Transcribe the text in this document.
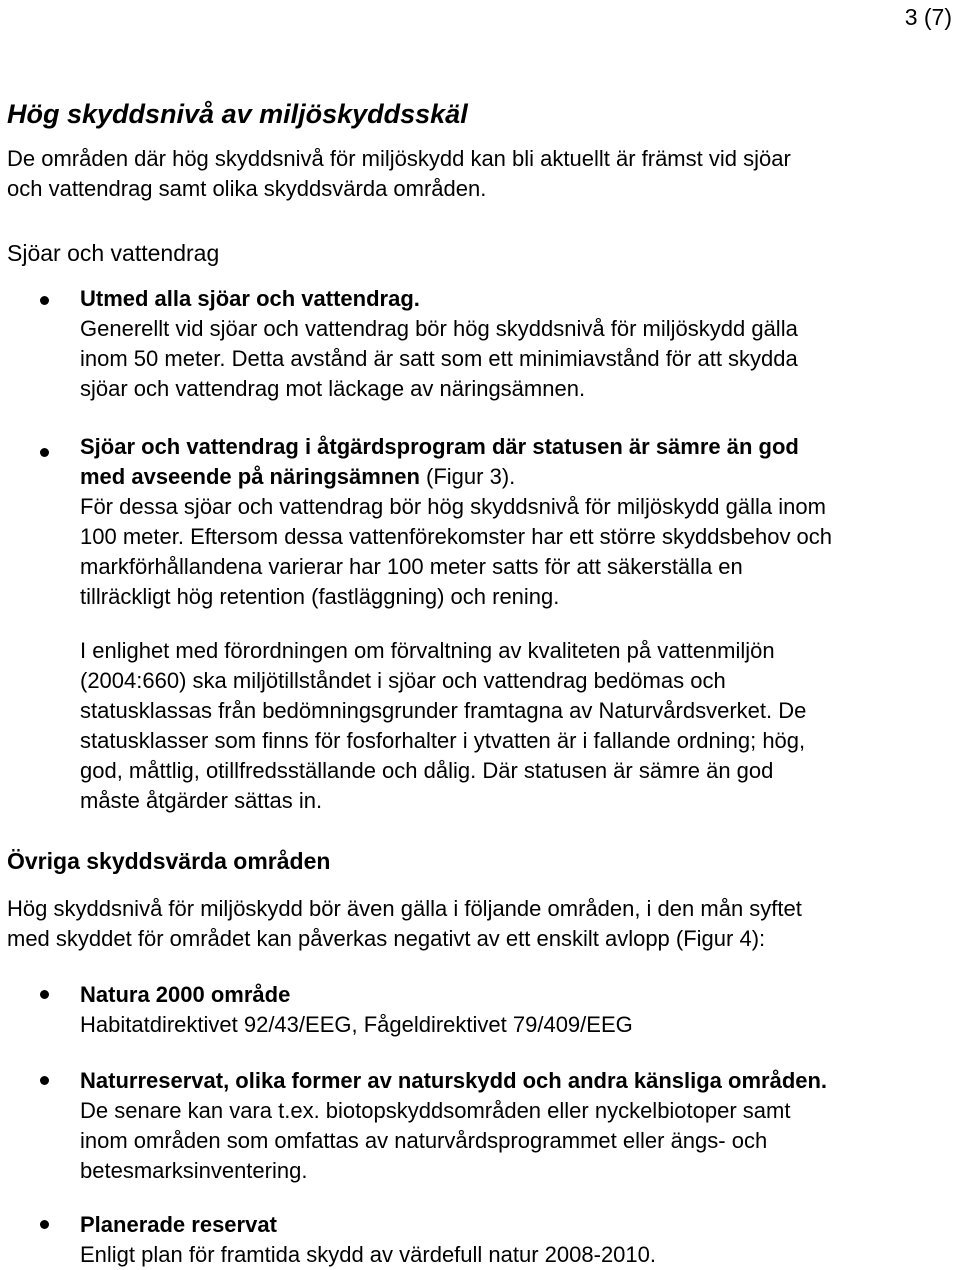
3 (7)
Hög skyddsnivå av miljöskyddsskäl
De områden där hög skyddsnivå för miljöskydd kan bli aktuellt är främst vid sjöar
och vattendrag samt olika skyddsvärda områden.
Sjöar och vattendrag
Utmed alla sjöar och vattendrag.
Generellt vid sjöar och vattendrag bör hög skyddsnivå för miljöskydd gälla
inom 50 meter. Detta avstånd är satt som ett minimiavstånd för att skydda
sjöar och vattendrag mot läckage av näringsämnen.
Sjöar och vattendrag i åtgärdsprogram där statusen är sämre än god
med avseende på näringsämnen (Figur 3).
För dessa sjöar och vattendrag bör hög skyddsnivå för miljöskydd gälla inom
100 meter. Eftersom dessa vattenförekomster har ett större skyddsbehov och
markförhållandena varierar har 100 meter satts för att säkerställa en
tillräckligt hög retention (fastläggning) och rening.
I enlighet med förordningen om förvaltning av kvaliteten på vattenmiljön
(2004:660) ska miljötillståndet i sjöar och vattendrag bedömas och
statusklassas från bedömningsgrunder framtagna av Naturvårdsverket. De
statusklasser som finns för fosforhalter i ytvatten är i fallande ordning; hög,
god, måttlig, otillfredsställande och dålig. Där statusen är sämre än god
måste åtgärder sättas in.
Övriga skyddsvärda områden
Hög skyddsnivå för miljöskydd bör även gälla i följande områden, i den mån syftet
med skyddet för området kan påverkas negativt av ett enskilt avlopp (Figur 4):
Natura 2000 område
Habitatdirektivet 92/43/EEG, Fågeldirektivet 79/409/EEG
Naturreservat, olika former av naturskydd och andra känsliga områden.
De senare kan vara t.ex. biotopskyddsområden eller nyckelbiotoper samt
inom områden som omfattas av naturvårdsprogrammet eller ängs- och
betesmarksinventering.
Planerade reservat
Enligt plan för framtida skydd av värdefull natur 2008-2010.
